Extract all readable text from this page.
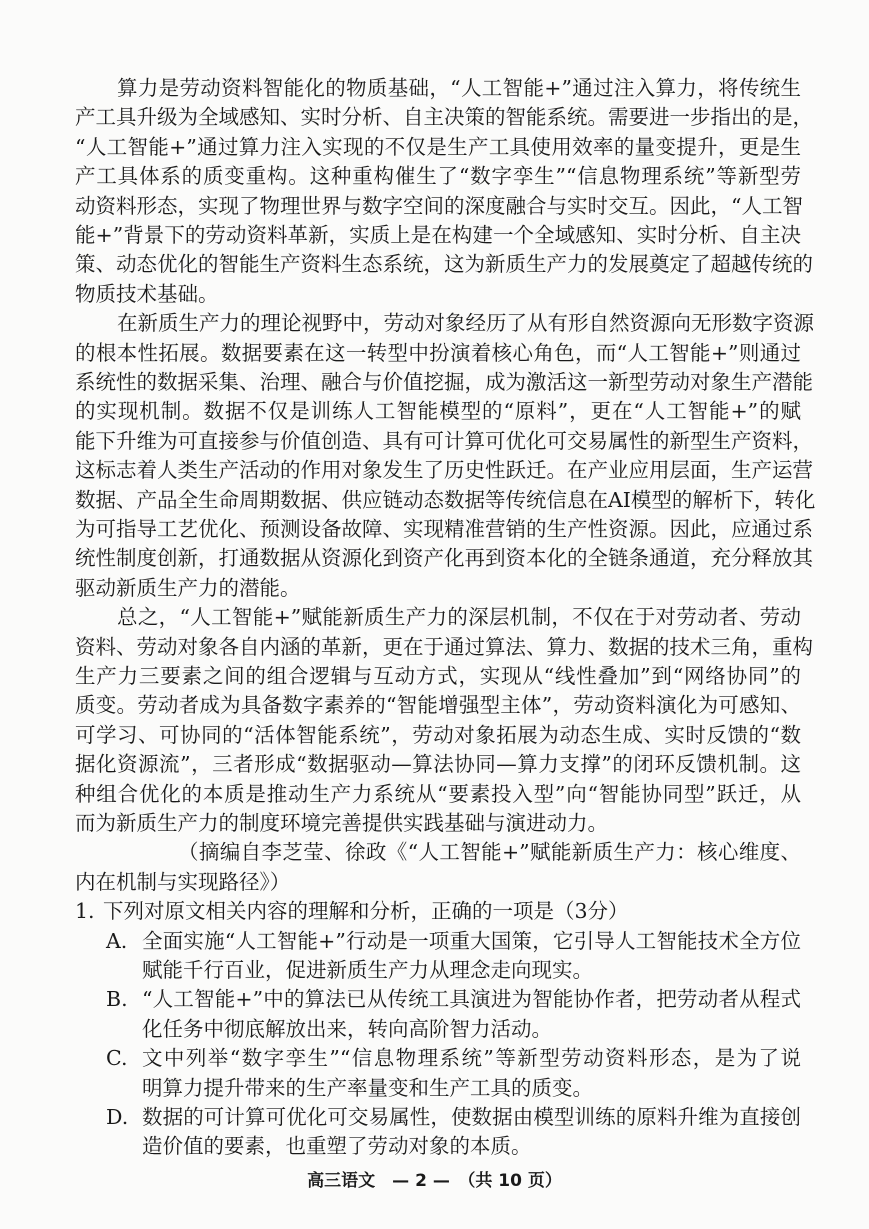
算力是劳动资料智能化的物质基础，“人工智能+”通过注入算力，将传统生
产工具升级为全域感知、实时分析、自主决策的智能系统。需要进一步指出的是，
“人工智能+”通过算力注入实现的不仅是生产工具使用效率的量变提升，更是生
产工具体系的质变重构。这种重构催生了“数字孪生”“信息物理系统”等新型劳
动资料形态，实现了物理世界与数字空间的深度融合与实时交互。因此，“人工智
能+”背景下的劳动资料革新，实质上是在构建一个全域感知、实时分析、自主决
策、动态优化的智能生产资料生态系统，这为新质生产力的发展奠定了超越传统的
物质技术基础。
在新质生产力的理论视野中，劳动对象经历了从有形自然资源向无形数字资源
的根本性拓展。数据要素在这一转型中扮演着核心角色，而“人工智能+”则通过
系统性的数据采集、治理、融合与价值挖掘，成为激活这一新型劳动对象生产潜能
的实现机制。数据不仅是训练人工智能模型的“原料”，更在“人工智能+”的赋
能下升维为可直接参与价值创造、具有可计算可优化可交易属性的新型生产资料，
这标志着人类生产活动的作用对象发生了历史性跃迁。在产业应用层面，生产运营
数据、产品全生命周期数据、供应链动态数据等传统信息在AI模型的解析下，转化
为可指导工艺优化、预测设备故障、实现精准营销的生产性资源。因此，应通过系
统性制度创新，打通数据从资源化到资产化再到资本化的全链条通道，充分释放其
驱动新质生产力的潜能。
总之，“人工智能+”赋能新质生产力的深层机制，不仅在于对劳动者、劳动
资料、劳动对象各自内涵的革新，更在于通过算法、算力、数据的技术三角，重构
生产力三要素之间的组合逻辑与互动方式，实现从“线性叠加”到“网络协同”的
质变。劳动者成为具备数字素养的“智能增强型主体”，劳动资料演化为可感知、
可学习、可协同的“活体智能系统”，劳动对象拓展为动态生成、实时反馈的“数
据化资源流”，三者形成“数据驱动—算法协同—算力支撑”的闭环反馈机制。这
种组合优化的本质是推动生产力系统从“要素投入型”向“智能协同型”跃迁，从
而为新质生产力的制度环境完善提供实践基础与演进动力。
（摘编自李芝莹、徐政《“人工智能+”赋能新质生产力：核心维度、
内在机制与实现路径》）
1. 下列对原文相关内容的理解和分析，正确的一项是（3分）
A. 全面实施“人工智能+”行动是一项重大国策，它引导人工智能技术全方位
赋能千行百业，促进新质生产力从理念走向现实。
B. “人工智能+”中的算法已从传统工具演进为智能协作者，把劳动者从程式
化任务中彻底解放出来，转向高阶智力活动。
C. 文中列举“数字孪生”“信息物理系统”等新型劳动资料形态，是为了说
明算力提升带来的生产率量变和生产工具的质变。
D. 数据的可计算可优化可交易属性，使数据由模型训练的原料升维为直接创
造价值的要素，也重塑了劳动对象的本质。
高三语文　— 2 —　（共 10 页）
